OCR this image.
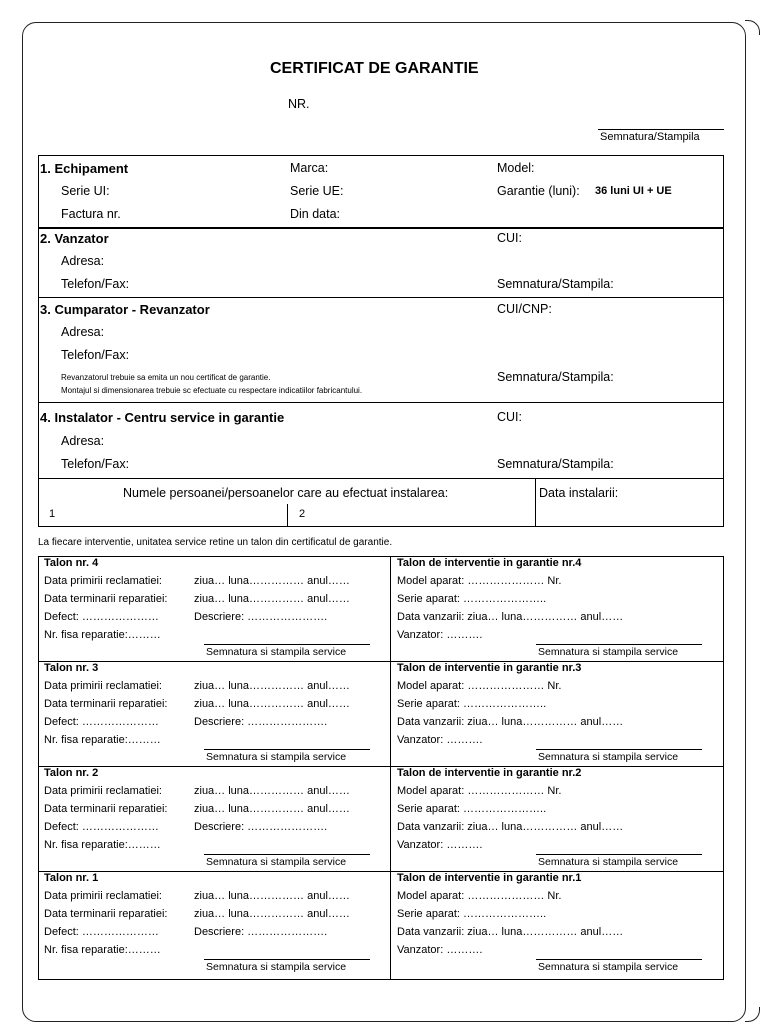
CERTIFICAT DE GARANTIE
NR.
Semnatura/Stampila
1. Echipament	Marca:	Model:
Serie UI:	Serie UE:	Garantie (luni): 36 luni UI + UE
Factura nr.	Din data:
2. Vanzator	CUI:
Adresa:
Telefon/Fax:	Semnatura/Stampila:
3. Cumparator - Revanzator	CUI/CNP:
Adresa:
Telefon/Fax:
Revanzatorul trebuie sa emita un nou certificat de garantie.
Montajul si dimensionarea trebuie sc efectuate cu respectare indicatiilor fabricantului.
Semnatura/Stampila:
4. Instalator - Centru service in garantie	CUI:
Adresa:
Telefon/Fax:	Semnatura/Stampila:
Numele persoanei/persoanelor care au efectuat instalarea:	Data instalarii:
1	2
La fiecare interventie, unitatea service retine un talon din certificatul de garantie.
Talon nr. 4
Data primirii reclamatiei:	ziua… luna…………… anul……
Data terminarii reparatiei: ziua… luna…………… anul……
Defect: …………………	Descriere: ………………….
Nr. fisa reparatie:………
Semnatura si stampila service
Talon de interventie in garantie nr.4
Model aparat: ………………… Nr.
Serie aparat: …………………..
Data vanzarii: ziua… luna…………… anul……
Vanzator: ……….
Semnatura si stampila service
Talon nr. 3
Data primirii reclamatiei:	ziua… luna…………… anul……
Data terminarii reparatiei: ziua… luna…………… anul……
Defect: …………………	Descriere: ………………….
Nr. fisa reparatie:………
Semnatura si stampila service
Talon de interventie in garantie nr.3
Model aparat: ………………… Nr.
Serie aparat: …………………..
Data vanzarii: ziua… luna…………… anul……
Vanzator: ……….
Semnatura si stampila service
Talon nr. 2
Data primirii reclamatiei:	ziua… luna…………… anul……
Data terminarii reparatiei: ziua… luna…………… anul……
Defect: …………………	Descriere: ………………….
Nr. fisa reparatie:………
Semnatura si stampila service
Talon de interventie in garantie nr.2
Model aparat: ………………… Nr.
Serie aparat: …………………..
Data vanzarii: ziua… luna…………… anul……
Vanzator: ……….
Semnatura si stampila service
Talon nr. 1
Data primirii reclamatiei:	ziua… luna…………… anul……
Data terminarii reparatiei: ziua… luna…………… anul……
Defect: …………………	Descriere: ………………….
Nr. fisa reparatie:………
Semnatura si stampila service
Talon de interventie in garantie nr.1
Model aparat: ………………… Nr.
Serie aparat: …………………..
Data vanzarii: ziua… luna…………… anul……
Vanzator: ……….
Semnatura si stampila service
